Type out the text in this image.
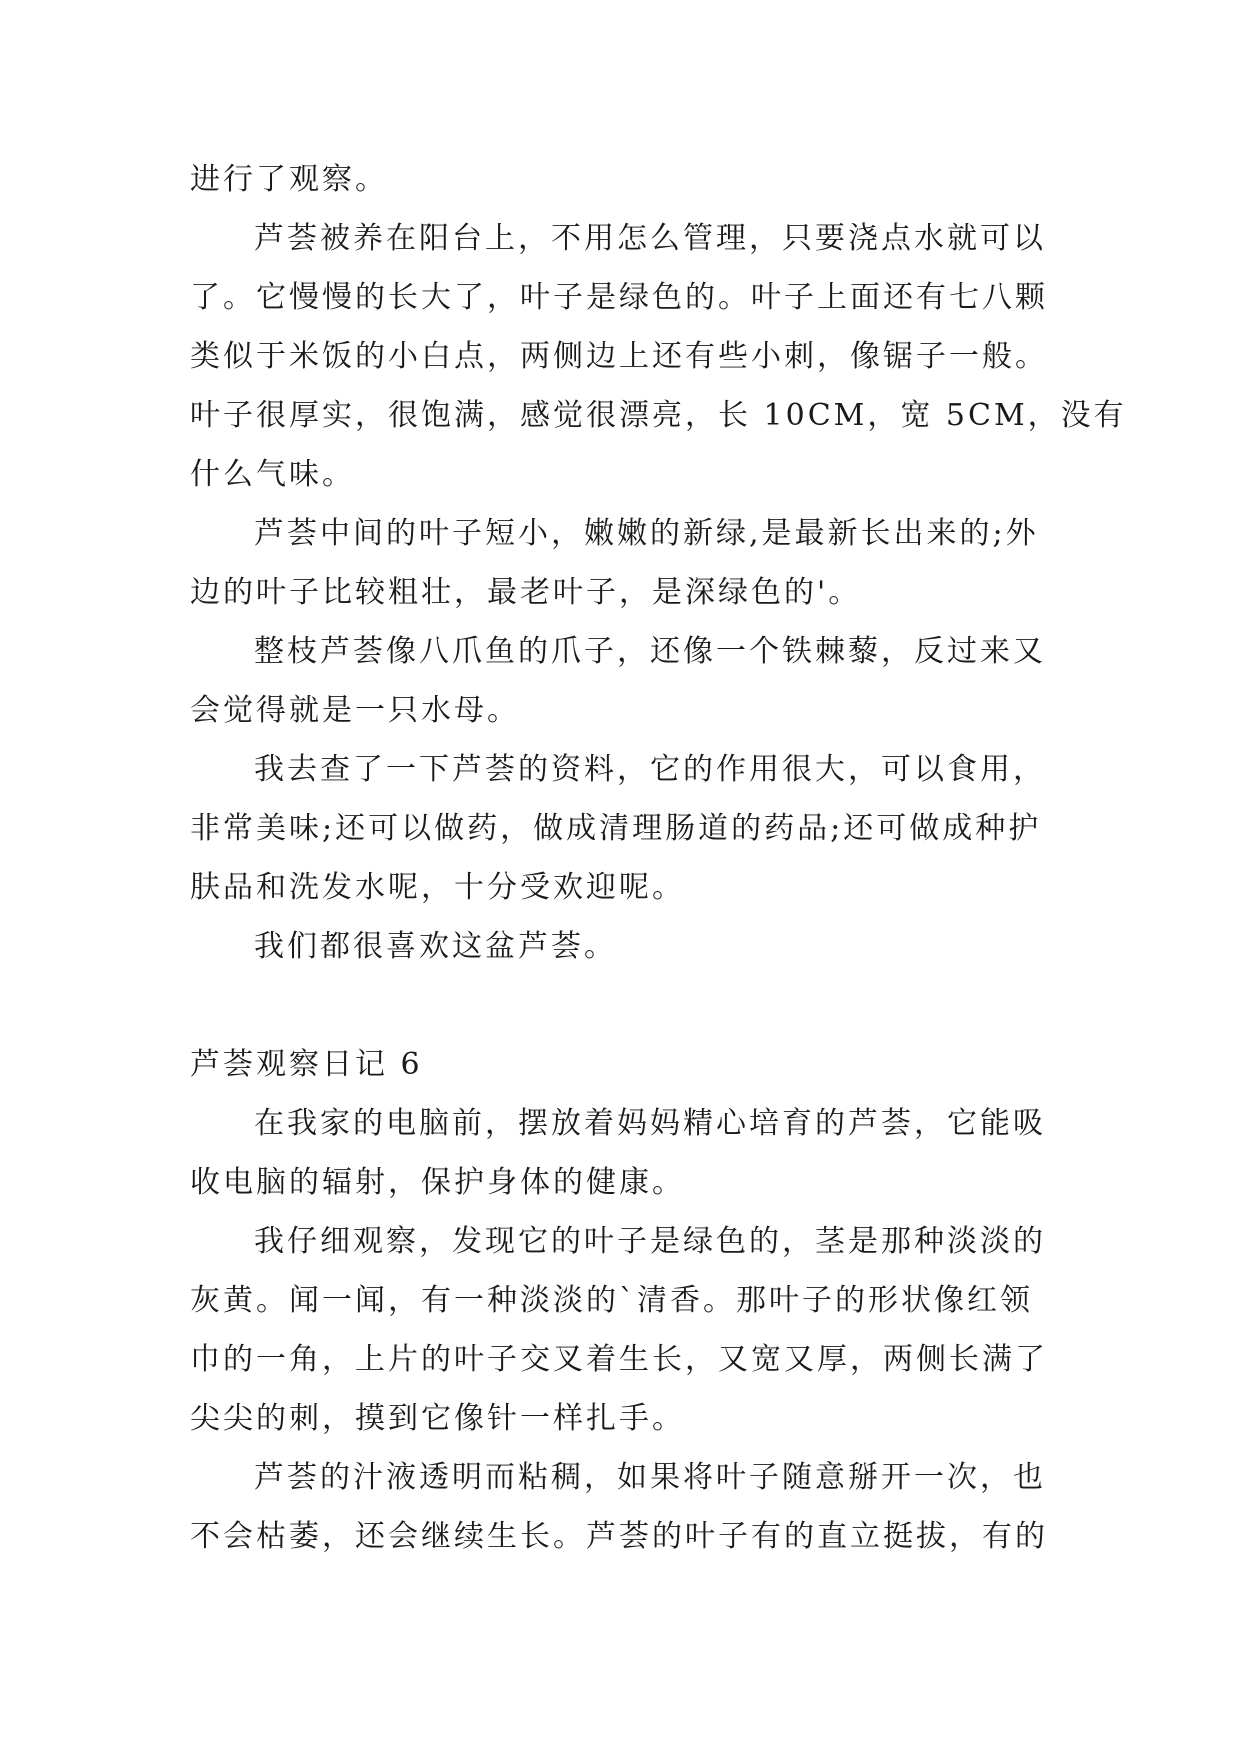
进行了观察。
芦荟被养在阳台上，不用怎么管理，只要浇点水就可以
了。它慢慢的长大了，叶子是绿色的。叶子上面还有七八颗
类似于米饭的小白点，两侧边上还有些小刺，像锯子一般。
叶子很厚实，很饱满，感觉很漂亮，长 10CM，宽 5CM，没有
什么气味。
芦荟中间的叶子短小，嫩嫩的新绿,是最新长出来的;外
边的叶子比较粗壮，最老叶子，是深绿色的'。
整枝芦荟像八爪鱼的爪子，还像一个铁棘藜，反过来又
会觉得就是一只水母。
我去查了一下芦荟的资料，它的作用很大，可以食用，
非常美味;还可以做药，做成清理肠道的药品;还可做成种护
肤品和洗发水呢，十分受欢迎呢。
我们都很喜欢这盆芦荟。
芦荟观察日记 6
在我家的电脑前，摆放着妈妈精心培育的芦荟，它能吸
收电脑的辐射，保护身体的健康。
我仔细观察，发现它的叶子是绿色的，茎是那种淡淡的
灰黄。闻一闻，有一种淡淡的`清香。那叶子的形状像红领
巾的一角，上片的叶子交叉着生长，又宽又厚，两侧长满了
尖尖的刺，摸到它像针一样扎手。
芦荟的汁液透明而粘稠，如果将叶子随意掰开一次，也
不会枯萎，还会继续生长。芦荟的叶子有的直立挺拔，有的
